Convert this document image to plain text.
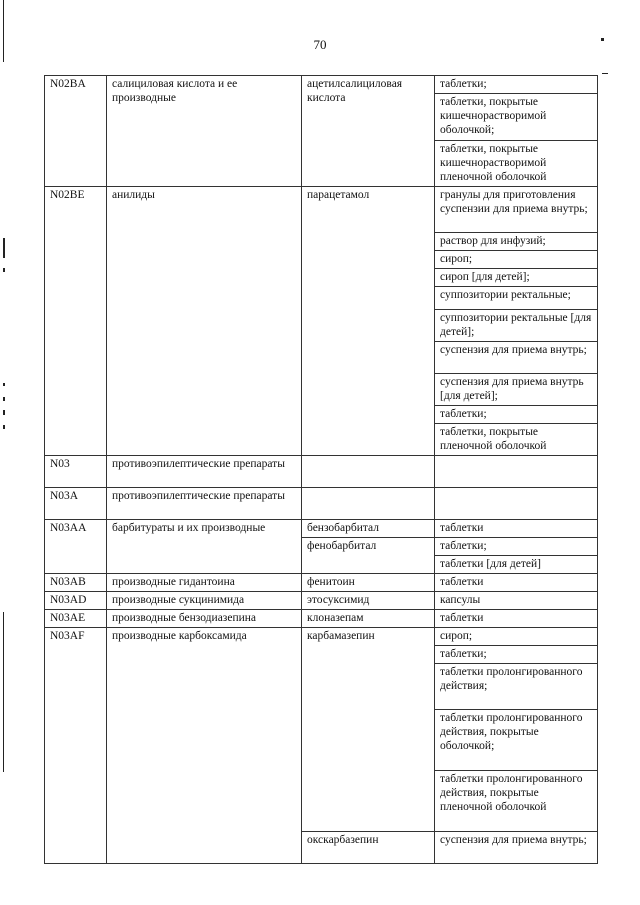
70
N02BA	салициловая кислота и ее производные	ацетилсалициловая кислота	таблетки;
			таблетки, покрытые кишечнорастворимой оболочкой;
			таблетки, покрытые кишечнорастворимой пленочной оболочкой
N02BE	анилиды	парацетамол	гранулы для приготовления суспензии для приема внутрь;
			раствор для инфузий;
			сироп;
			сироп [для детей];
			суппозитории ректальные;
			суппозитории ректальные [для детей];
			суспензия для приема внутрь;
			суспензия для приема внутрь [для детей];
			таблетки;
			таблетки, покрытые пленочной оболочкой
N03	противоэпилептические препараты		
N03A	противоэпилептические препараты		
N03AA	барбитураты и их производные	бензобарбитал	таблетки
		фенобарбитал	таблетки;
			таблетки [для детей]
N03AB	производные гидантоина	фенитоин	таблетки
N03AD	производные сукцинимида	этосуксимид	капсулы
N03AE	производные бензодиазепина	клоназепам	таблетки
N03AF	производные карбоксамида	карбамазепин	сироп;
			таблетки;
			таблетки пролонгированного действия;
			таблетки пролонгированного действия, покрытые оболочкой;
			таблетки пролонгированного действия, покрытые пленочной оболочкой
		окскарбазепин	суспензия для приема внутрь;
